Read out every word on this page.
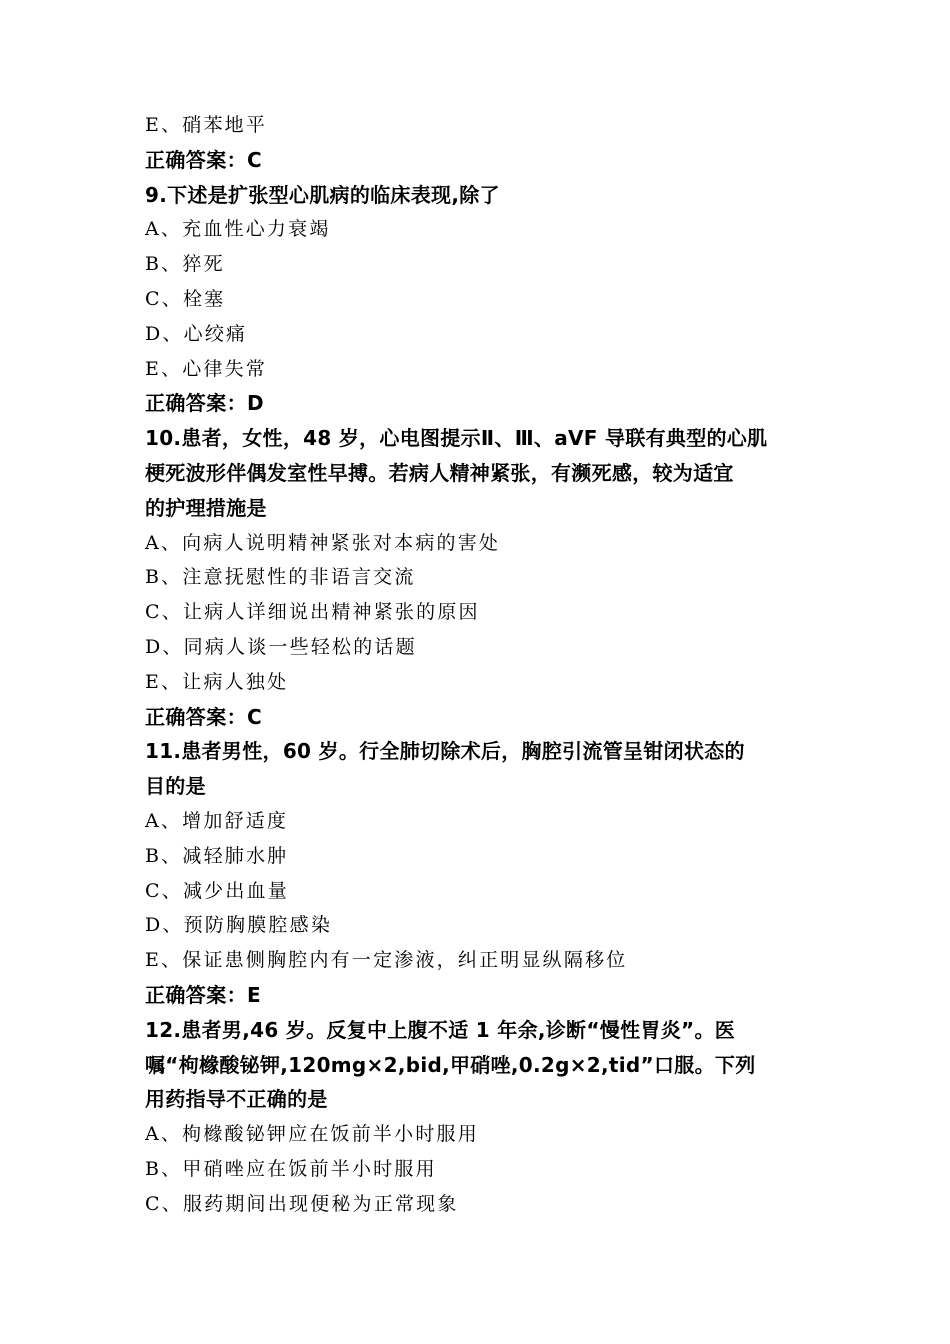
E、硝苯地平
正确答案：C
9.下述是扩张型心肌病的临床表现,除了
A、充血性心力衰竭
B、猝死
C、栓塞
D、心绞痛
E、心律失常
正确答案：D
10.患者，女性，48 岁，心电图提示Ⅱ、Ⅲ、aVF 导联有典型的心肌
梗死波形伴偶发室性早搏。若病人精神紧张，有濒死感，较为适宜
的护理措施是
A、向病人说明精神紧张对本病的害处
B、注意抚慰性的非语言交流
C、让病人详细说出精神紧张的原因
D、同病人谈一些轻松的话题
E、让病人独处
正确答案：C
11.患者男性，60 岁。行全肺切除术后，胸腔引流管呈钳闭状态的
目的是
A、增加舒适度
B、减轻肺水肿
C、减少出血量
D、预防胸膜腔感染
E、保证患侧胸腔内有一定渗液，纠正明显纵隔移位
正确答案：E
12.患者男,46 岁。反复中上腹不适 1 年余,诊断“慢性胃炎”。医
嘱“枸橼酸铋钾,120mg×2,bid,甲硝唑,0.2g×2,tid”口服。下列
用药指导不正确的是
A、枸橼酸铋钾应在饭前半小时服用
B、甲硝唑应在饭前半小时服用
C、服药期间出现便秘为正常现象
